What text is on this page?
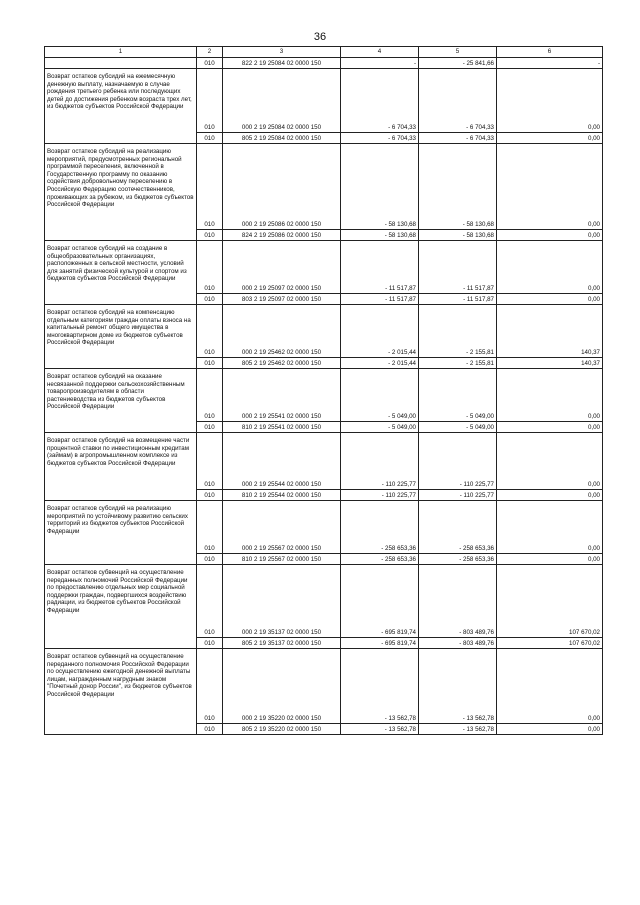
36
1	2	3	4	5	6
	010	822 2 19 25084 02 0000 150	-	- 25 841,66	-
Возврат остатков субсидий на ежемесячную денежную выплату, назначаемую в случае рождения третьего ребенка или последующих детей до достижения ребенком возраста трех лет, из бюджетов субъектов Российской Федерации	010	000 2 19 25084 02 0000 150	- 6 704,33	- 6 704,33	0,00
	010	805 2 19 25084 02 0000 150	- 6 704,33	- 6 704,33	0,00
Возврат остатков субсидий на реализацию мероприятий, предусмотренных региональной программой переселения, включенной в Государственную программу по оказанию содействия добровольному переселению в Российскую Федерацию соотечественников, проживающих за рубежом, из бюджетов субъектов Российской Федерации	010	000 2 19 25086 02 0000 150	- 58 130,68	- 58 130,68	0,00
	010	824 2 19 25086 02 0000 150	- 58 130,68	- 58 130,68	0,00
Возврат остатков субсидий на создание в общеобразовательных организациях, расположенных в сельской местности, условий для занятий физической культурой и спортом из бюджетов субъектов Российской Федерации	010	000 2 19 25097 02 0000 150	- 11 517,87	- 11 517,87	0,00
	010	803 2 19 25097 02 0000 150	- 11 517,87	- 11 517,87	0,00
Возврат остатков субсидий на компенсацию отдельным категориям граждан оплаты взноса на капитальный ремонт общего имущества в многоквартирном доме из бюджетов субъектов Российской Федерации	010	000 2 19 25462 02 0000 150	- 2 015,44	- 2 155,81	140,37
	010	805 2 19 25462 02 0000 150	- 2 015,44	- 2 155,81	140,37
Возврат остатков субсидий на оказание несвязанной поддержки сельскохозяйственным товаропроизводителям в области растениеводства из бюджетов субъектов Российской Федерации	010	000 2 19 25541 02 0000 150	- 5 049,00	- 5 049,00	0,00
	010	810 2 19 25541 02 0000 150	- 5 049,00	- 5 049,00	0,00
Возврат остатков субсидий на возмещение части процентной ставки по инвестиционным кредитам (займам) в агропромышленном комплексе из бюджетов субъектов Российской Федерации	010	000 2 19 25544 02 0000 150	- 110 225,77	- 110 225,77	0,00
	010	810 2 19 25544 02 0000 150	- 110 225,77	- 110 225,77	0,00
Возврат остатков субсидий на реализацию мероприятий по устойчивому развитию сельских территорий из бюджетов субъектов Российской Федерации	010	000 2 19 25567 02 0000 150	- 258 653,36	- 258 653,36	0,00
	010	810 2 19 25567 02 0000 150	- 258 653,36	- 258 653,36	0,00
Возврат остатков субвенций на осуществление переданных полномочий Российской Федерации по предоставлению отдельных мер социальной поддержки граждан, подвергшихся воздействию радиации, из бюджетов субъектов Российской Федерации	010	000 2 19 35137 02 0000 150	- 695 819,74	- 803 489,76	107 670,02
	010	805 2 19 35137 02 0000 150	- 695 819,74	- 803 489,76	107 670,02
Возврат остатков субвенций на осуществление переданного полномочия Российской Федерации по осуществлению ежегодной денежной выплаты лицам, награжденным нагрудным знаком "Почетный донор России", из бюджетов субъектов Российской Федерации	010	000 2 19 35220 02 0000 150	- 13 562,78	- 13 562,78	0,00
	010	805 2 19 35220 02 0000 150	- 13 562,78	- 13 562,78	0,00
